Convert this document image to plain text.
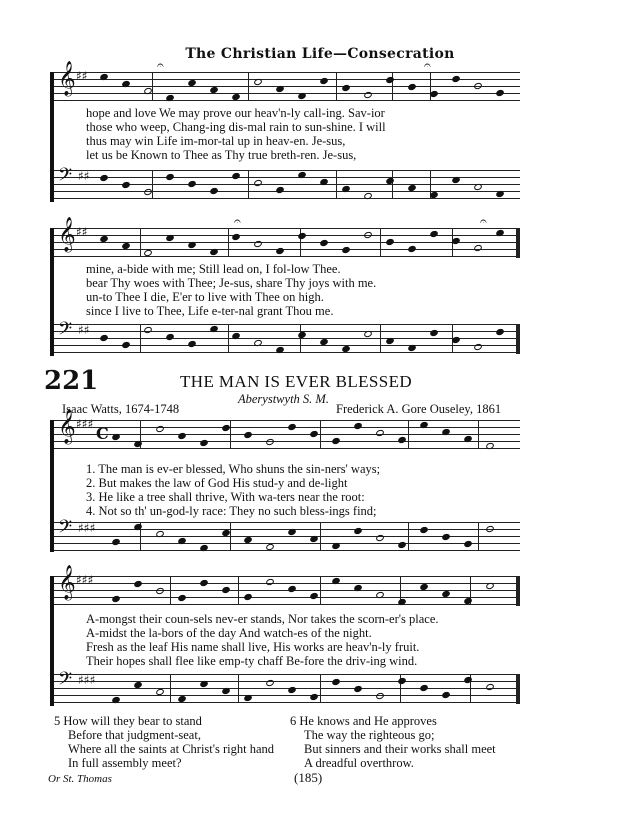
The Christian Life—Consecration
𝄞 ♯♯
hope and love We may prove our heav'n-ly call-ing. Sav-ior
those who weep, Chang-ing dis-mal rain to sun-shine. I will
thus may win Life im-mor-tal up in heav-en. Je-sus,
let us be Known to Thee as Thy true breth-ren. Je-sus,
𝄢 ♯♯
𝄐	𝄐
𝄞 ♯♯
mine, a-bide with me; Still lead on, I fol-low Thee.
bear Thy woes with Thee; Je-sus, share Thy joys with me.
un-to Thee I die, E'er to live with Thee on high.
since I live to Thee, Life e-ter-nal grant Thou me.
𝄢 ♯♯
𝄐	𝄐
221	THE MAN IS EVER BLESSED
Aberystwyth S. M.
Isaac Watts, 1674-1748	Frederick A. Gore Ouseley, 1861
𝄞 ♯♯♯ C
1. The man is ev-er blessed, Who shuns the sin-ners' ways;
2. But makes the law of God His stud-y and de-light
3. He like a tree shall thrive, With wa-ters near the root:
4. Not so th' un-god-ly race: They no such bless-ings find;
𝄢 ♯♯♯
𝄞 ♯♯♯
A-mongst their coun-sels nev-er stands, Nor takes the scorn-er's place.
A-midst the la-bors of the day And watch-es of the night.
Fresh as the leaf His name shall live, His works are heav'n-ly fruit.
Their hopes shall flee like emp-ty chaff Be-fore the driv-ing wind.
𝄢 ♯♯♯
5 How will they bear to stand
Before that judgment-seat,
Where all the saints at Christ's right hand
In full assembly meet?
6 He knows and He approves
The way the righteous go;
But sinners and their works shall meet
A dreadful overthrow.
Or St. Thomas	(185)
